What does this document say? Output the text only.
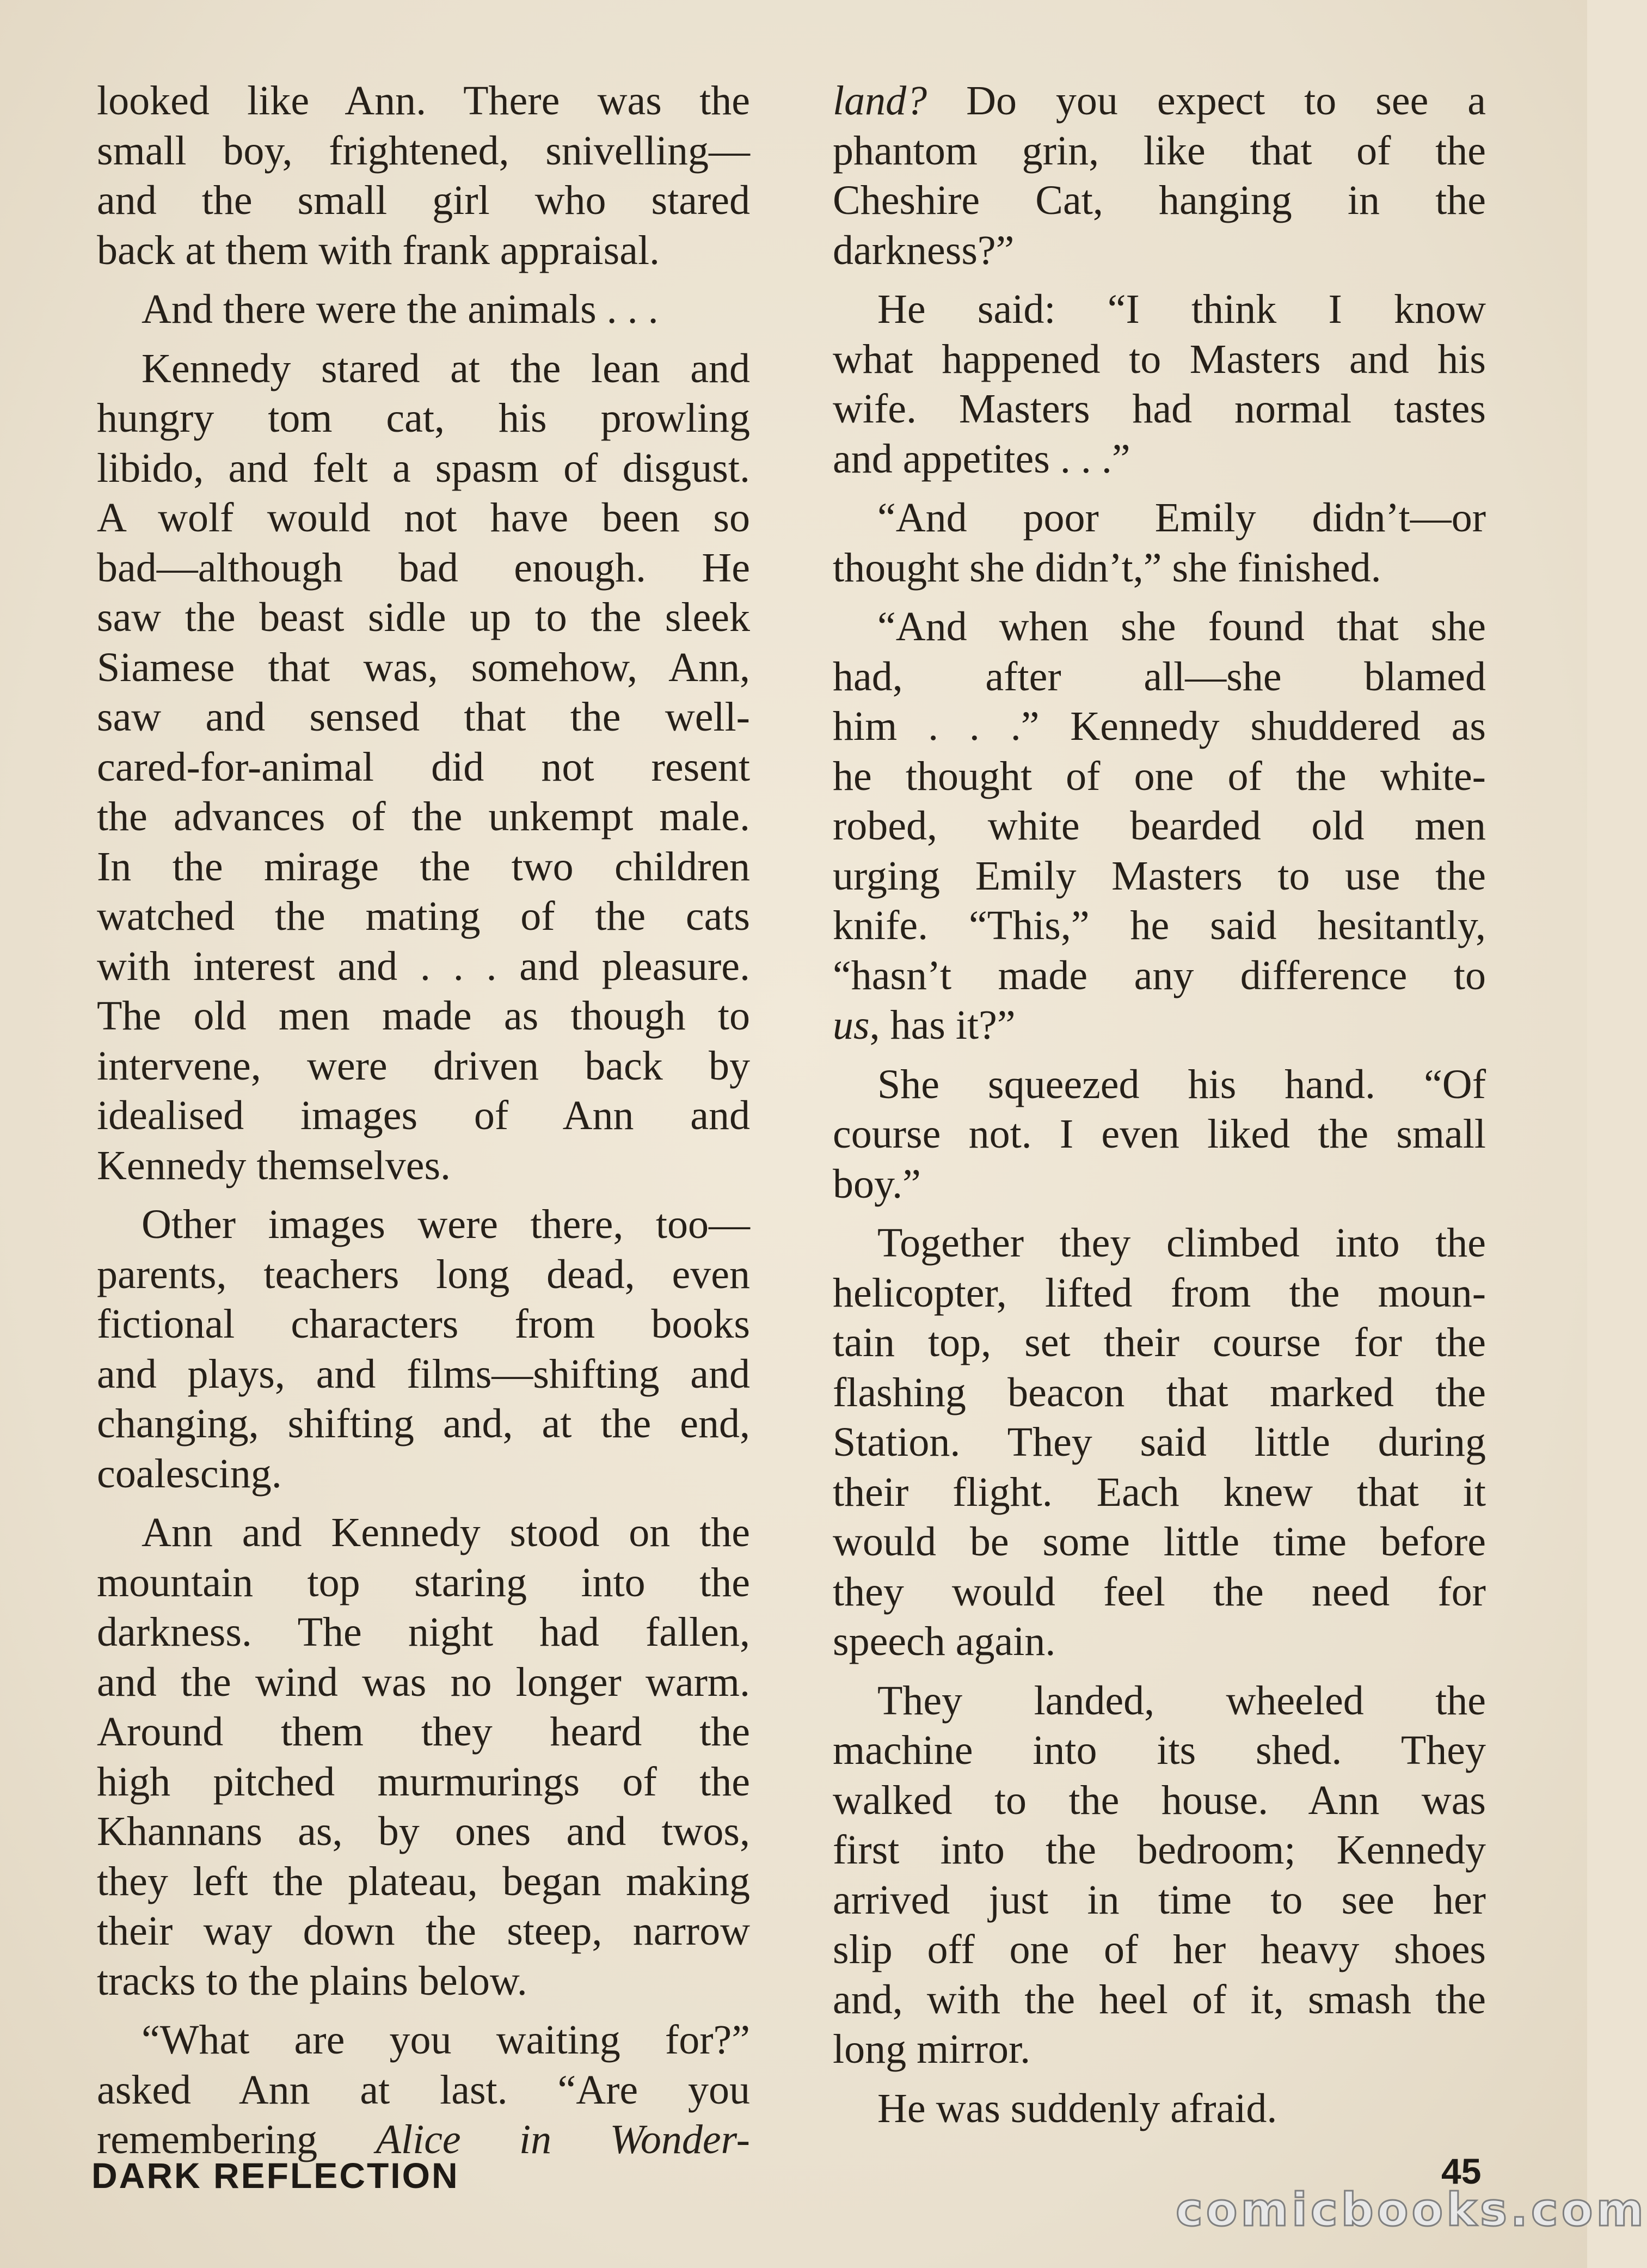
looked like Ann. There was the
small boy, frightened, snivelling—
and the small girl who stared
back at them with frank appraisal.
And there were the animals . . .
Kennedy stared at the lean and
hungry tom cat, his prowling
libido, and felt a spasm of disgust.
A wolf would not have been so
bad—although bad enough. He
saw the beast sidle up to the sleek
Siamese that was, somehow, Ann,
saw and sensed that the well-
cared-for-animal did not resent
the advances of the unkempt male.
In the mirage the two children
watched the mating of the cats
with interest and . . . and pleasure.
The old men made as though to
intervene, were driven back by
idealised images of Ann and
Kennedy themselves.
Other images were there, too—
parents, teachers long dead, even
fictional characters from books
and plays, and films—shifting and
changing, shifting and, at the end,
coalescing.
Ann and Kennedy stood on the
mountain top staring into the
darkness. The night had fallen,
and the wind was no longer warm.
Around them they heard the
high pitched murmurings of the
Khannans as, by ones and twos,
they left the plateau, began making
their way down the steep, narrow
tracks to the plains below.
“What are you waiting for?”
asked Ann at last. “Are you
remembering Alice in Wonder-
land? Do you expect to see a
phantom grin, like that of the
Cheshire Cat, hanging in the
darkness?”
He said: “I think I know
what happened to Masters and his
wife. Masters had normal tastes
and appetites . . .”
“And poor Emily didn’t—or
thought she didn’t,” she finished.
“And when she found that she
had, after all—she blamed
him . . .” Kennedy shuddered as
he thought of one of the white-
robed, white bearded old men
urging Emily Masters to use the
knife. “This,” he said hesitantly,
“hasn’t made any difference to
us, has it?”
She squeezed his hand. “Of
course not. I even liked the small
boy.”
Together they climbed into the
helicopter, lifted from the moun-
tain top, set their course for the
flashing beacon that marked the
Station. They said little during
their flight. Each knew that it
would be some little time before
they would feel the need for
speech again.
They landed, wheeled the
machine into its shed. They
walked to the house. Ann was
first into the bedroom; Kennedy
arrived just in time to see her
slip off one of her heavy shoes
and, with the heel of it, smash the
long mirror.
He was suddenly afraid.
DARK REFLECTION	45
comicbooks.com
